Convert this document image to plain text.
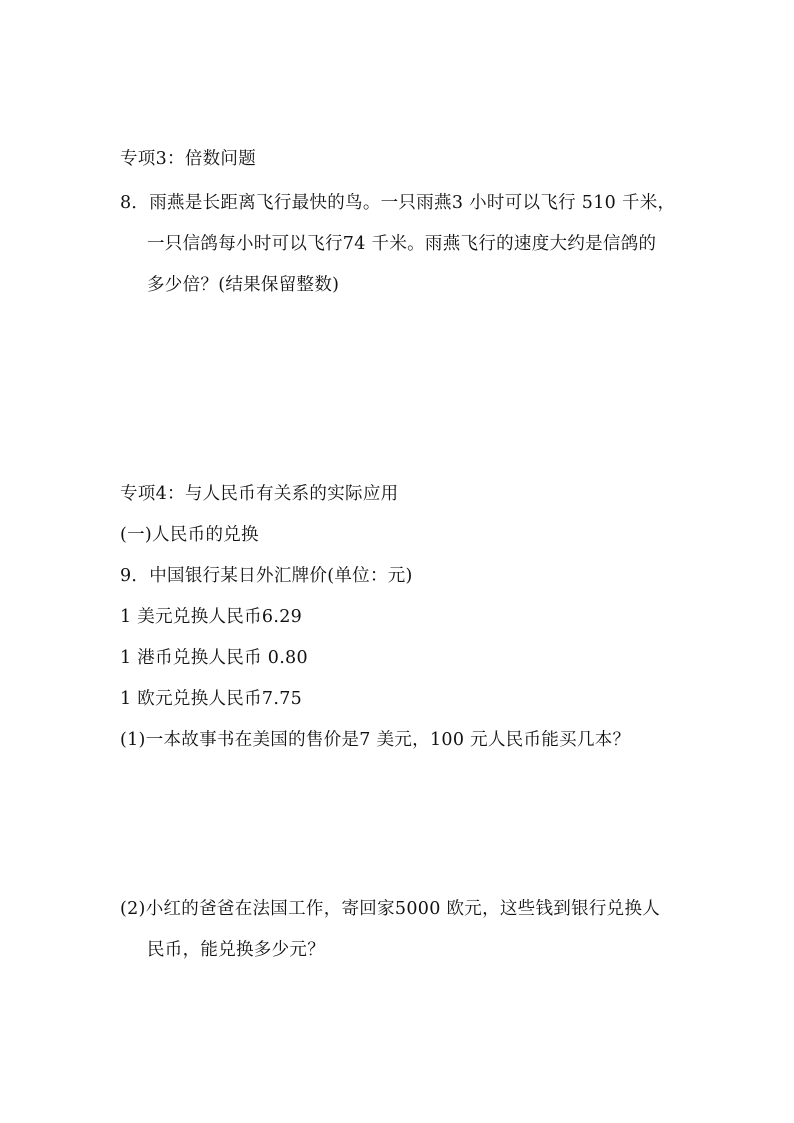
专项3：倍数问题
8．雨燕是长距离飞行最快的鸟。一只雨燕3 小时可以飞行 510 千米，
一只信鸽每小时可以飞行74 千米。雨燕飞行的速度大约是信鸽的
多少倍？(结果保留整数)
专项4：与人民币有关系的实际应用
(一)人民币的兑换
9．中国银行某日外汇牌价(单位：元)
1 美元兑换人民币6.29
1 港币兑换人民币 0.80
1 欧元兑换人民币7.75
(1)一本故事书在美国的售价是7 美元，100 元人民币能买几本？
(2)小红的爸爸在法国工作，寄回家5000 欧元，这些钱到银行兑换人
民币，能兑换多少元？
